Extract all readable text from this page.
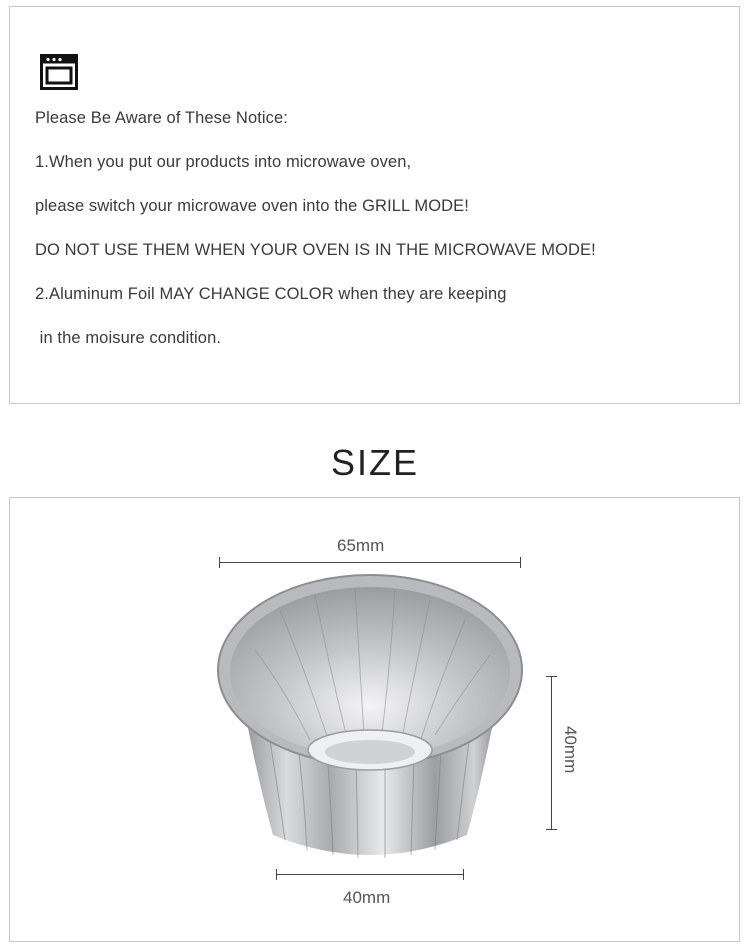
Please Be Aware of These Notice:
1.When you put our products into microwave oven,
please switch your microwave oven into the GRILL MODE!
DO NOT USE THEM WHEN YOUR OVEN IS IN THE MICROWAVE MODE!
2.Aluminum Foil MAY CHANGE COLOR when they are keeping
in the moisure condition.
SIZE
65mm
40mm
40mm
